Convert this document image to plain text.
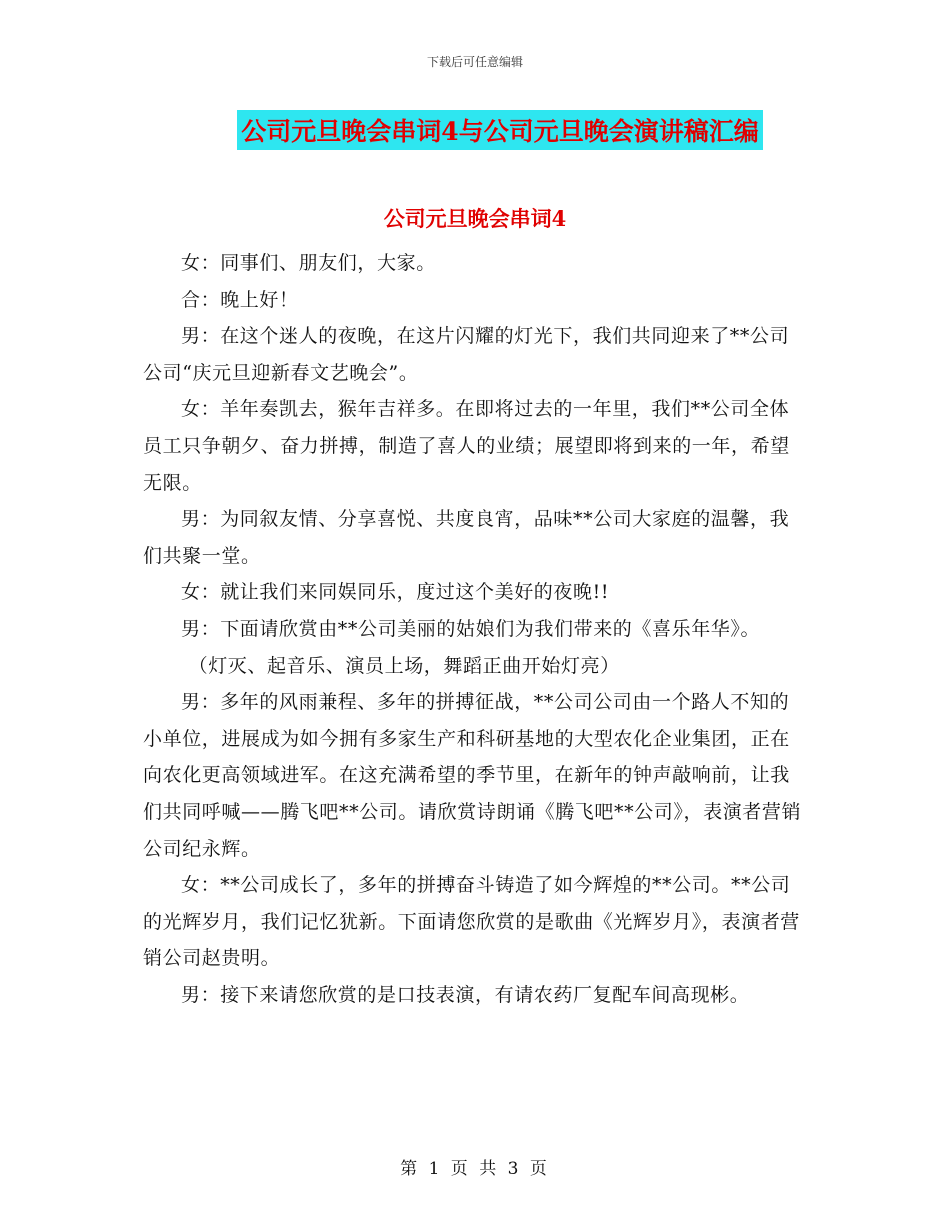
下载后可任意编辑
公司元旦晚会串词4与公司元旦晚会演讲稿汇编
公司元旦晚会串词4

女：同事们、朋友们，大家。

合：晚上好！

男：在这个迷人的夜晚，在这片闪耀的灯光下，我们共同迎来了**公司公司“庆元旦迎新春文艺晚会”。

女：羊年奏凯去，猴年吉祥多。在即将过去的一年里，我们**公司全体员工只争朝夕、奋力拼搏，制造了喜人的业绩；展望即将到来的一年，希望无限。

男：为同叙友情、分享喜悦、共度良宵，品味**公司大家庭的温馨，我们共聚一堂。

女：就让我们来同娱同乐，度过这个美好的夜晚!!

男：下面请欣赏由**公司美丽的姑娘们为我们带来的《喜乐年华》。

（灯灭、起音乐、演员上场，舞蹈正曲开始灯亮）

男：多年的风雨兼程、多年的拼搏征战，**公司公司由一个路人不知的小单位，进展成为如今拥有多家生产和科研基地的大型农化企业集团，正在向农化更高领域进军。在这充满希望的季节里，在新年的钟声敲响前，让我们共同呼喊——腾飞吧**公司。请欣赏诗朗诵《腾飞吧**公司》，表演者营销公司纪永辉。

女：**公司成长了，多年的拼搏奋斗铸造了如今辉煌的**公司。**公司的光辉岁月，我们记忆犹新。下面请您欣赏的是歌曲《光辉岁月》，表演者营销公司赵贵明。

男：接下来请您欣赏的是口技表演，有请农药厂复配车间高现彬。

第 1 页 共 3 页
